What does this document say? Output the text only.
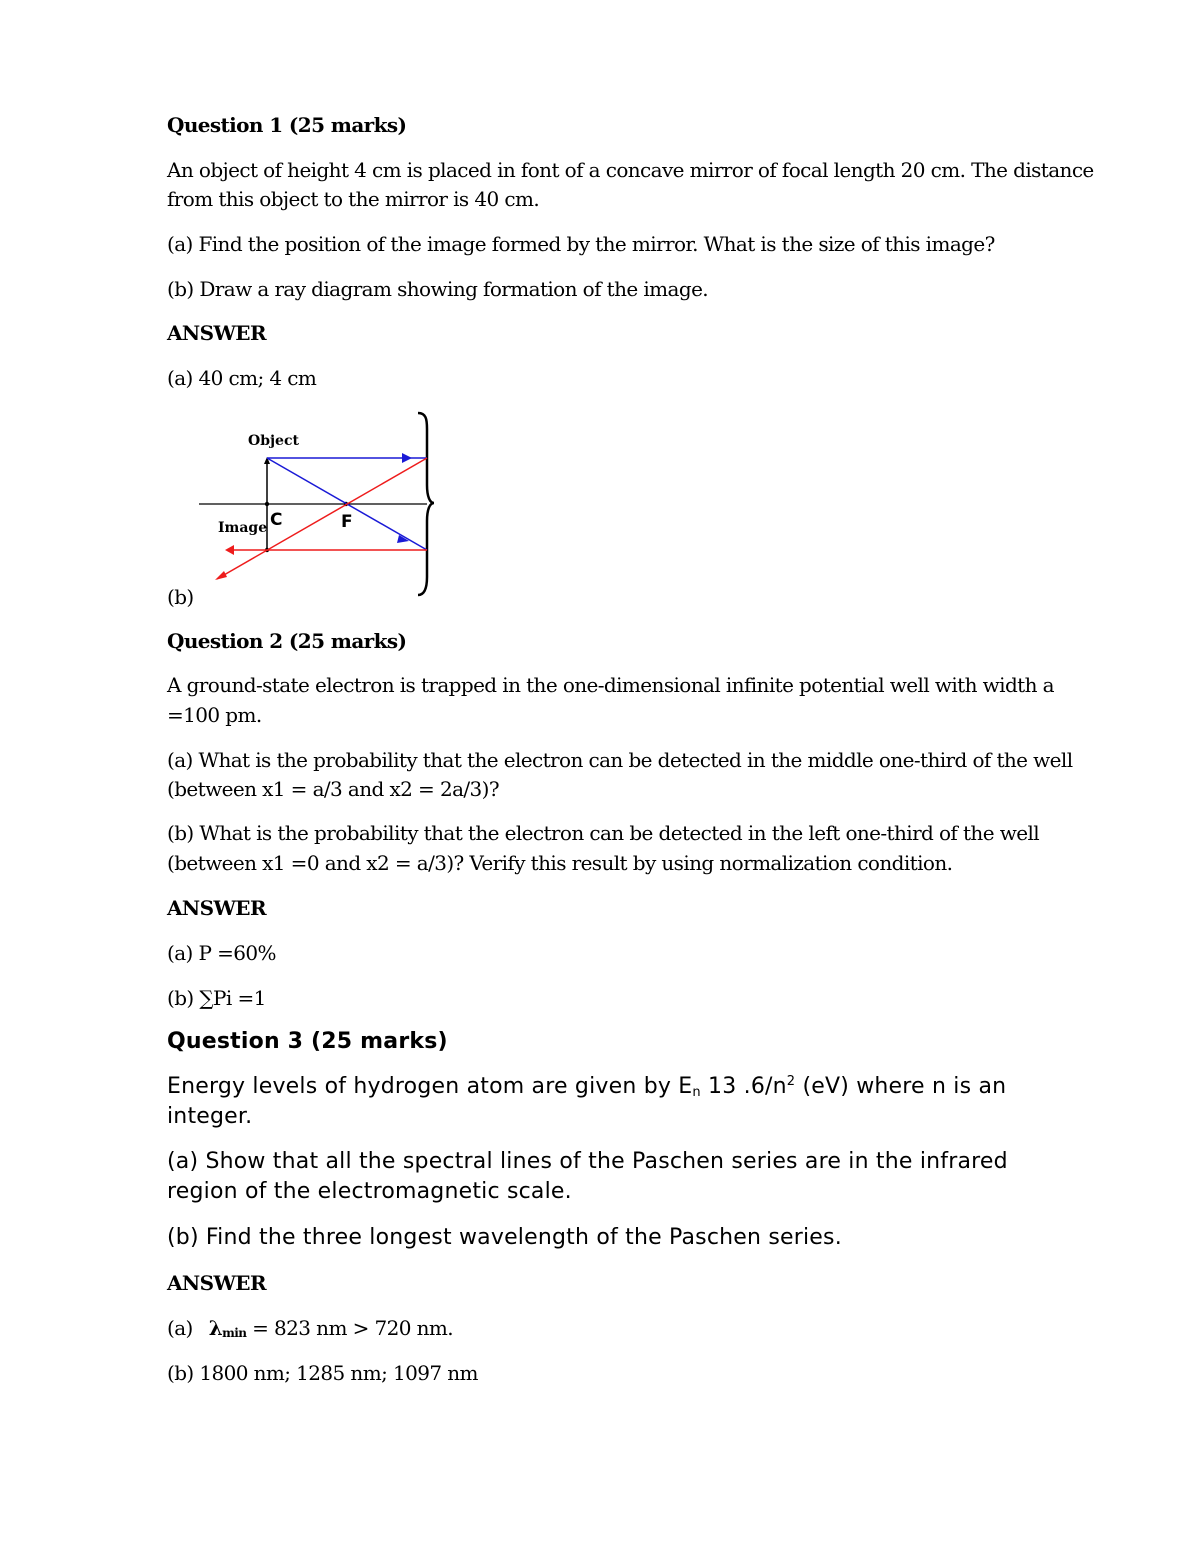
Question 1 (25 marks)

An object of height 4 cm is placed in font of a concave mirror of focal length 20 cm. The distance

from this object to the mirror is 40 cm.

(a) Find the position of the image formed by the mirror. What is the size of this image?

(b) Draw a ray diagram showing formation of the image.

ANSWER

(a) 40 cm; 4 cm

Object
Image C	F

(b)

Question 2 (25 marks)

A ground-state electron is trapped in the one-dimensional infinite potential well with width a

=100 pm.

(a) What is the probability that the electron can be detected in the middle one-third of the well

(between x1 = a/3 and x2 = 2a/3)?

(b) What is the probability that the electron can be detected in the left one-third of the well

(between x1 =0 and x2 = a/3)? Verify this result by using normalization condition.

ANSWER

(a) P =60%

(b) ∑Pi =1

Question 3 (25 marks)

Energy levels of hydrogen atom are given by En 13 $.6/n^2$ (eV) where n is an

integer.

(a) Show that all the spectral lines of the Paschen series are in the infrared

region of the electromagnetic scale.

(b) Find the three longest wavelength of the Paschen series.

ANSWER

(a) λmin = 823 nm > 720 nm.

(b) 1800 nm; 1285 nm; 1097 nm
